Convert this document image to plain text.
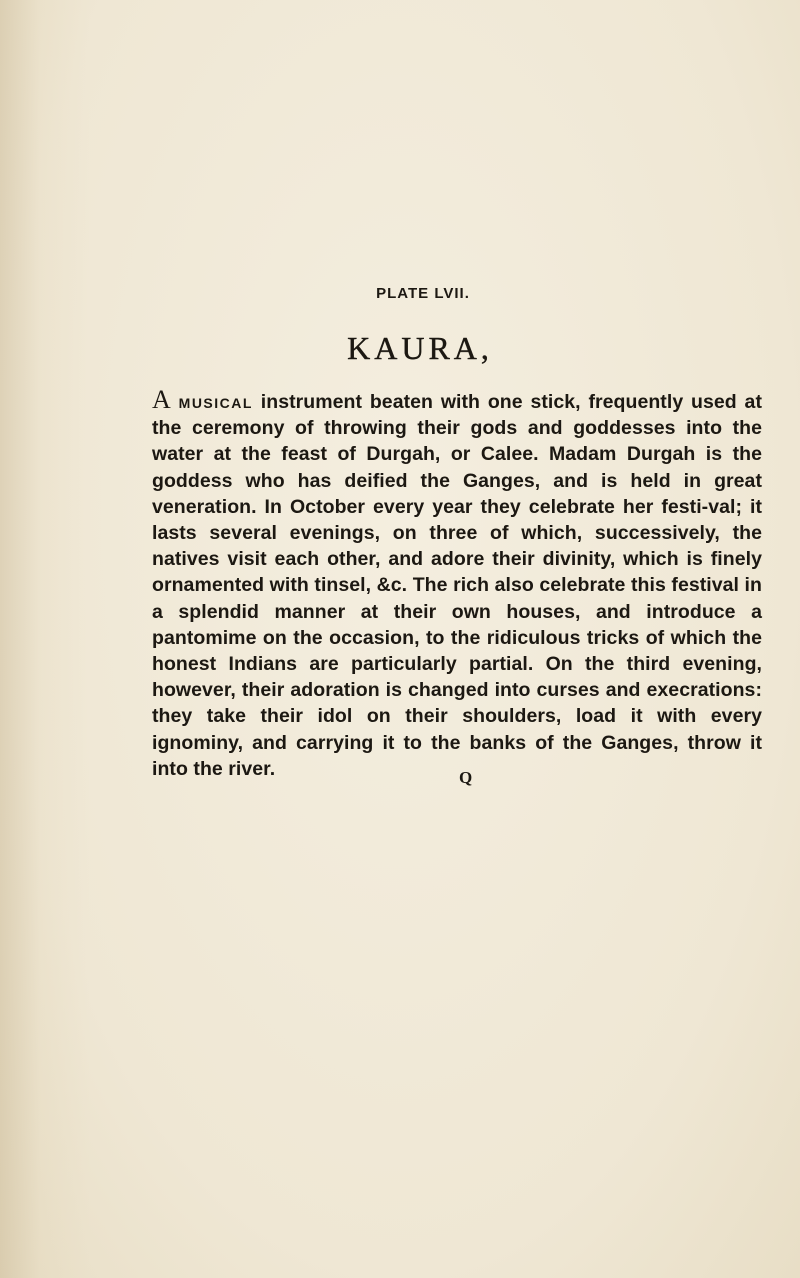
PLATE LVII.
KAURA,
A musical instrument beaten with one stick, frequently used at the ceremony of throwing their gods and goddesses into the water at the feast of Durgah, or Calee. Madam Durgah is the goddess who has deified the Ganges, and is held in great veneration. In October every year they celebrate her festi-val; it lasts several evenings, on three of which, successively, the natives visit each other, and adore their divinity, which is finely ornamented with tinsel, &c. The rich also celebrate this festival in a splendid manner at their own houses, and introduce a pantomime on the occasion, to the ridiculous tricks of which the honest Indians are particularly partial. On the third evening, however, their adoration is changed into curses and execrations: they take their idol on their shoulders, load it with every ignominy, and carrying it to the banks of the Ganges, throw it into the river.	Q
